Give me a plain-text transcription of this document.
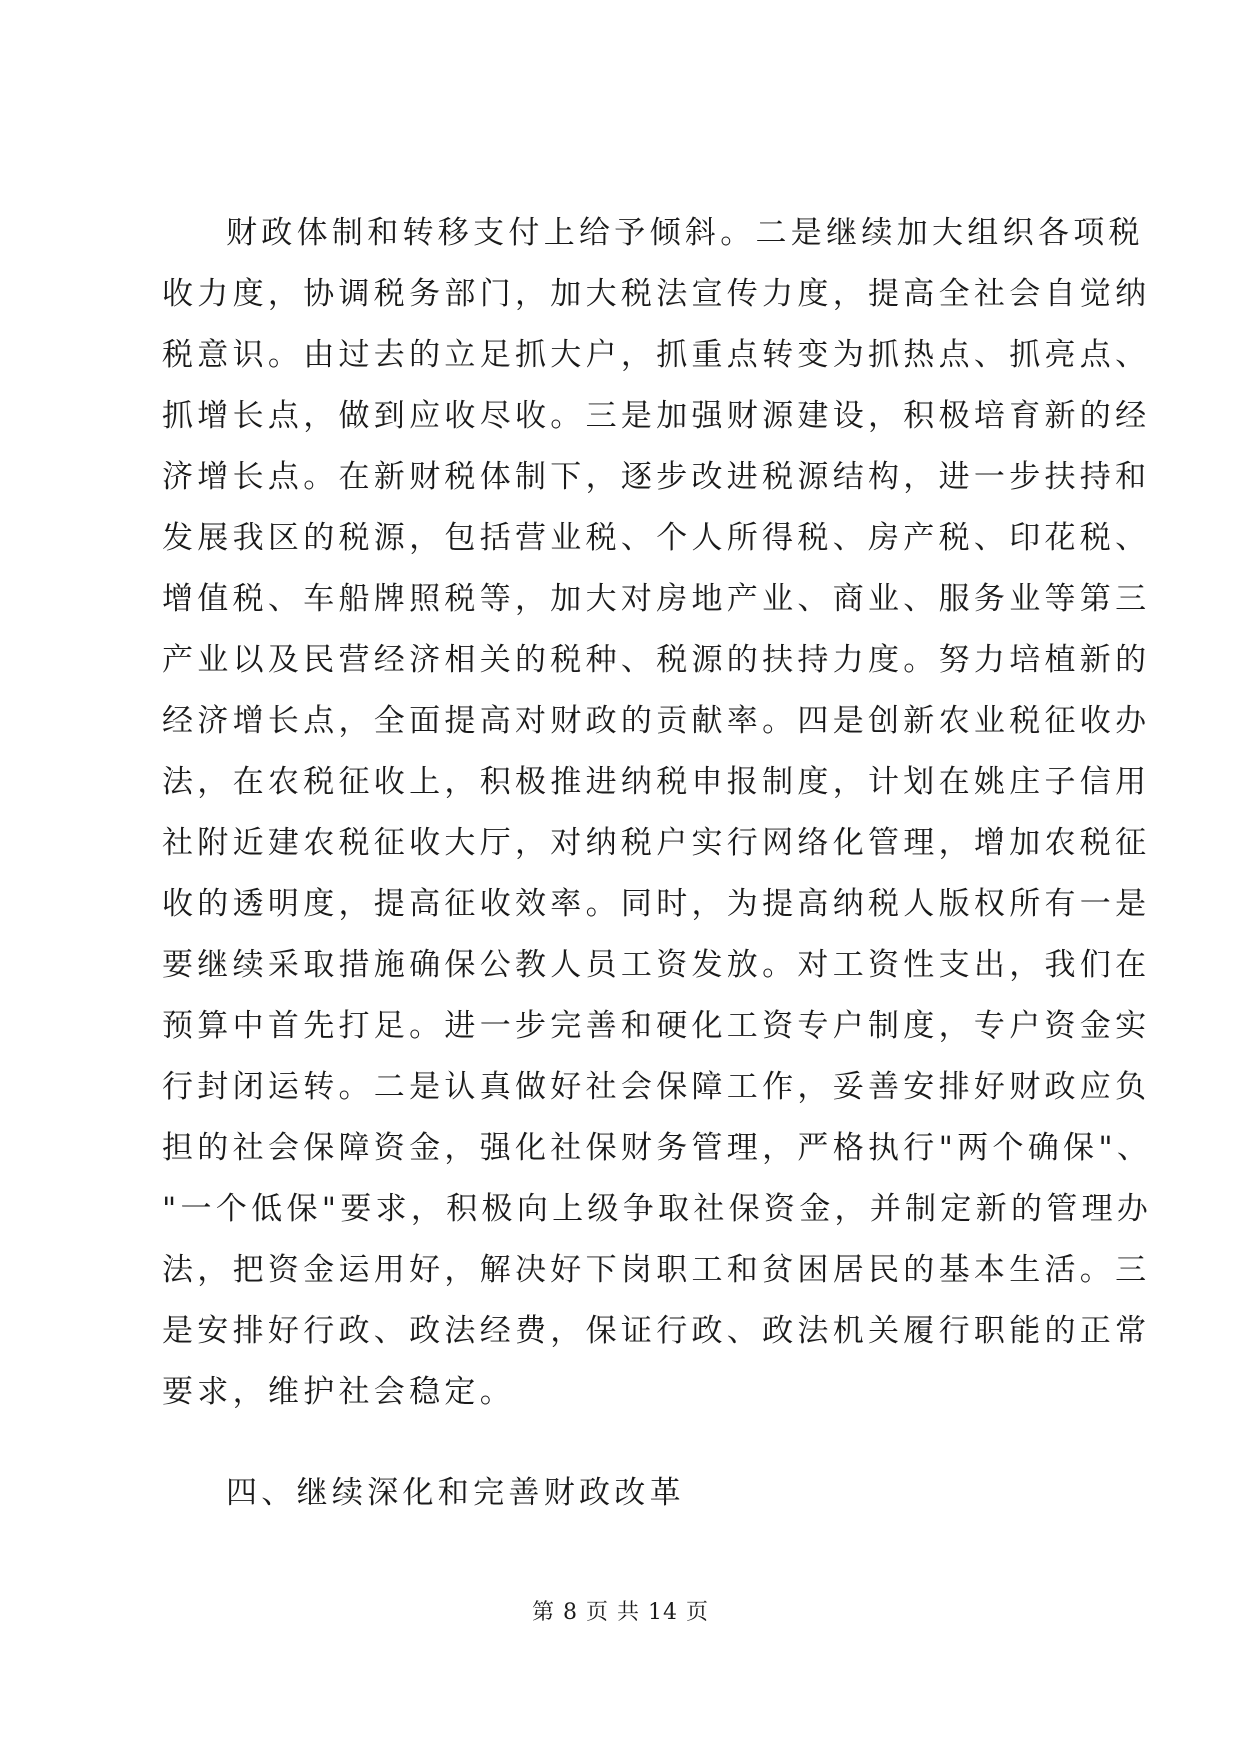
财政体制和转移支付上给予倾斜。二是继续加大组织各项税
收力度，协调税务部门，加大税法宣传力度，提高全社会自觉纳
税意识。由过去的立足抓大户，抓重点转变为抓热点、抓亮点、
抓增长点，做到应收尽收。三是加强财源建设，积极培育新的经
济增长点。在新财税体制下，逐步改进税源结构，进一步扶持和
发展我区的税源，包括营业税、个人所得税、房产税、印花税、
增值税、车船牌照税等，加大对房地产业、商业、服务业等第三
产业以及民营经济相关的税种、税源的扶持力度。努力培植新的
经济增长点，全面提高对财政的贡献率。四是创新农业税征收办
法，在农税征收上，积极推进纳税申报制度，计划在姚庄子信用
社附近建农税征收大厅，对纳税户实行网络化管理，增加农税征
收的透明度，提高征收效率。同时，为提高纳税人版权所有一是
要继续采取措施确保公教人员工资发放。对工资性支出，我们在
预算中首先打足。进一步完善和硬化工资专户制度，专户资金实
行封闭运转。二是认真做好社会保障工作，妥善安排好财政应负
担的社会保障资金，强化社保财务管理，严格执行"两个确保"、
"一个低保"要求，积极向上级争取社保资金，并制定新的管理办
法，把资金运用好，解决好下岗职工和贫困居民的基本生活。三
是安排好行政、政法经费，保证行政、政法机关履行职能的正常
要求，维护社会稳定。
四、继续深化和完善财政改革
第 8 页 共 14 页
